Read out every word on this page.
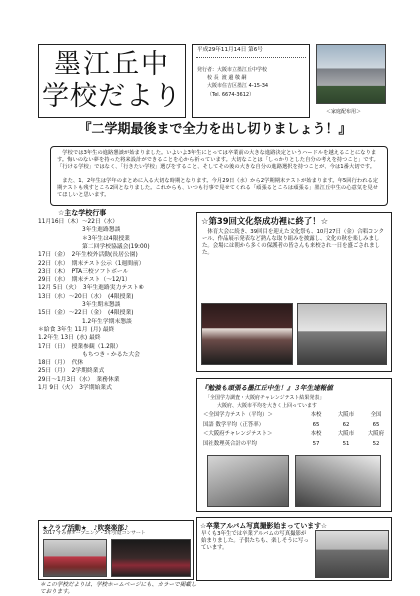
墨江丘中
学校だより
平成29年11月14日 第6号
発行者：大阪市立墨江丘中学校
校 長 渡 邊 敬 嗣
大阪市住吉区墨江 4-15-34
（Tel. 6674-3612）
＜家庭配布用＞
『二学期最後まで全力を出し切りましょう！』
学校では3年生の進路懇談が始まりました。いよいよ3年生にとっては卒業前の大きな進路決定というハードルを越えることになります。悔いのない夢を持った将来設計ができることを心から祈っています。大切なことは「しっかりとした自分の考えを持つこと」です。「行ける学校」ではなく、「行きたい学校」選びをすること、そしてその後の大きな自分の進路選択を持つことが、今は1番大切です。
また、1、2年生は学年のまとめに入る大切な時期となります。今月29日（水）から2学期期末テストが始まります。年5回行われる定期テストも残すところ2回となりました。これからも、いつも行事で見せてくれる「頑張るところは頑張る」墨江丘中生の心意気を見せてほしいと思います。
☆主な学校行事
11月16日（木）〜22日（水）
3年生進路懇談
＊3年生は4限授業
第二回学校協議会(19:00)
17日（金） 2年生校外活動(長居公園)
22日（水） 期末テスト公示（1週間前）
23日（木） PTA三校ソフトボール
29日（水） 期末テスト（〜12/1）
12月 5日（火） 3年生進路実力テスト⑥
13日（水）〜20日（水） (4限授業)
3年生期末懇談
15日（金）〜22日（金） (4限授業)
1.2年生学期末懇談
＊給食 3年生 11月 (月) 最終
1.2年生 13日 (水) 最終
17日（日） 授業参観（1.2限）
もちつき・かるた大会
18日（月） 代休
25日（月） 2学期終業式
29日〜1月3日（水） 業務休業
1月 9日（火） 3学期始業式
☆第39回文化祭成功裡に終了！☆
体育大会に続き、39回目を迎えた文化祭も、10月27日（金）合唱コンクール、作品展示発表など熟んな取り組みを披露し、文化の秋を楽しみました。会場には朝から多くの保護者の皆さんも来校され一日を盛ごされました。
『勉強も頑張る墨江丘中生！』３年生速報値
「全国学力調査・大阪府チャレンジテスト結果発表」
大阪府、大阪市平均を大きく上回っています
＜全国学力テスト（平均）＞	本校	大阪市	全国
国語 数学平均（正答率）	65	62	65
＜大阪府チャレンジテスト＞	本校	大阪市	大阪府
国社数理英合計の平均	57	51	52
★クラブ活動★　♪吹奏楽部♪
2017 すみ博オープニング・3年引退コンサート
＊この学校だよりは、学校ホームページにも、カラーで掲載しております。
☆卒業アルバム写真撮影始まっています☆
早くも3年生では卒業アルバムの写真撮影が始まりました。子供たちも、楽しそうに写っています。
